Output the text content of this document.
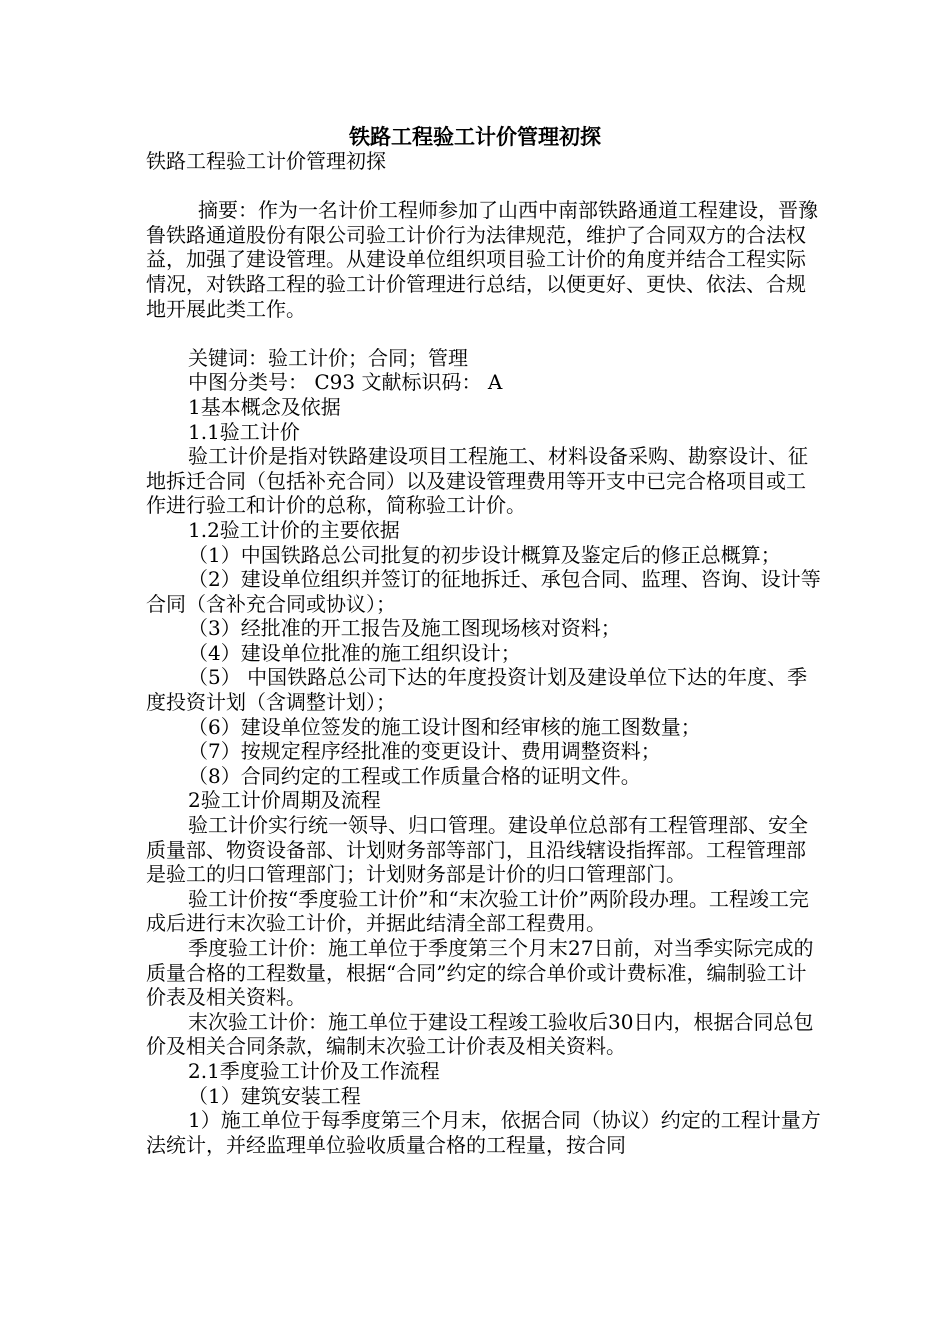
铁路工程验工计价管理初探

铁路工程验工计价管理初探

摘要：作为一名计价工程师参加了山西中南部铁路通道工程建设，晋豫鲁铁路通道股份有限公司验工计价行为法律规范，维护了合同双方的合法权益，加强了建设管理。从建设单位组织项目验工计价的角度并结合工程实际情况，对铁路工程的验工计价管理进行总结，以便更好、更快、依法、合规地开展此类工作。

关键词：验工计价；合同；管理

中图分类号： C93 文献标识码： A

1基本概念及依据

1.1验工计价

验工计价是指对铁路建设项目工程施工、材料设备采购、勘察设计、征地拆迁合同（包括补充合同）以及建设管理费用等开支中已完合格项目或工作进行验工和计价的总称，简称验工计价。

1.2验工计价的主要依据

（1）中国铁路总公司批复的初步设计概算及鉴定后的修正总概算；

（2）建设单位组织并签订的征地拆迁、承包合同、监理、咨询、设计等合同（含补充合同或协议）；

（3）经批准的开工报告及施工图现场核对资料；

（4）建设单位批准的施工组织设计；

（5） 中国铁路总公司下达的年度投资计划及建设单位下达的年度、季度投资计划（含调整计划）；

（6）建设单位签发的施工设计图和经审核的施工图数量；

（7）按规定程序经批准的变更设计、费用调整资料；

（8）合同约定的工程或工作质量合格的证明文件。

2验工计价周期及流程

验工计价实行统一领导、归口管理。建设单位总部有工程管理部、安全质量部、物资设备部、计划财务部等部门，且沿线辖设指挥部。工程管理部是验工的归口管理部门；计划财务部是计价的归口管理部门。

验工计价按“季度验工计价”和“末次验工计价”两阶段办理。工程竣工完成后进行末次验工计价，并据此结清全部工程费用。

季度验工计价：施工单位于季度第三个月末27日前，对当季实际完成的质量合格的工程数量，根据“合同”约定的综合单价或计费标准，编制验工计价表及相关资料。

末次验工计价：施工单位于建设工程竣工验收后30日内，根据合同总包价及相关合同条款，编制末次验工计价表及相关资料。

2.1季度验工计价及工作流程

（1）建筑安装工程

1）施工单位于每季度第三个月末，依据合同（协议）约定的工程计量方法统计，并经监理单位验收质量合格的工程量，按合同
